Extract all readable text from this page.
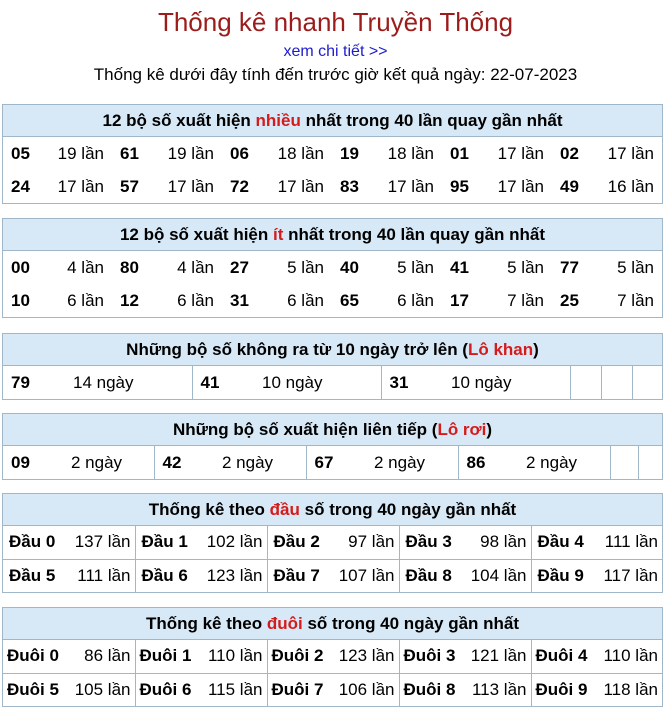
Thống kê nhanh Truyền Thống
xem chi tiết >>
Thống kê dưới đây tính đến trước giờ kết quả ngày: 22-07-2023
12 bộ số xuất hiện nhiều nhất trong 40 lần quay gần nhất
05	19 lần	61	19 lần	06	18 lần	19	18 lần	01	17 lần	02	17 lần
24	17 lần	57	17 lần	72	17 lần	83	17 lần	95	17 lần	49	16 lần
12 bộ số xuất hiện ít nhất trong 40 lần quay gần nhất
00	4 lần	80	4 lần	27	5 lần	40	5 lần	41	5 lần	77	5 lần
10	6 lần	12	6 lần	31	6 lần	65	6 lần	17	7 lần	25	7 lần
Những bộ số không ra từ 10 ngày trở lên (Lô khan)
79	14 ngày	41	10 ngày	31	10 ngày			
Những bộ số xuất hiện liên tiếp (Lô rơi)
09	2 ngày	42	2 ngày	67	2 ngày	86	2 ngày		
Thống kê theo đầu số trong 40 ngày gần nhất
Đầu 0	137 lần	Đầu 1	102 lần	Đầu 2	97 lần	Đầu 3	98 lần	Đầu 4	111 lần
Đầu 5	111 lần	Đầu 6	123 lần	Đầu 7	107 lần	Đầu 8	104 lần	Đầu 9	117 lần
Thống kê theo đuôi số trong 40 ngày gần nhất
Đuôi 0	86 lần	Đuôi 1	110 lần	Đuôi 2	123 lần	Đuôi 3	121 lần	Đuôi 4	110 lần
Đuôi 5	105 lần	Đuôi 6	115 lần	Đuôi 7	106 lần	Đuôi 8	113 lần	Đuôi 9	118 lần
